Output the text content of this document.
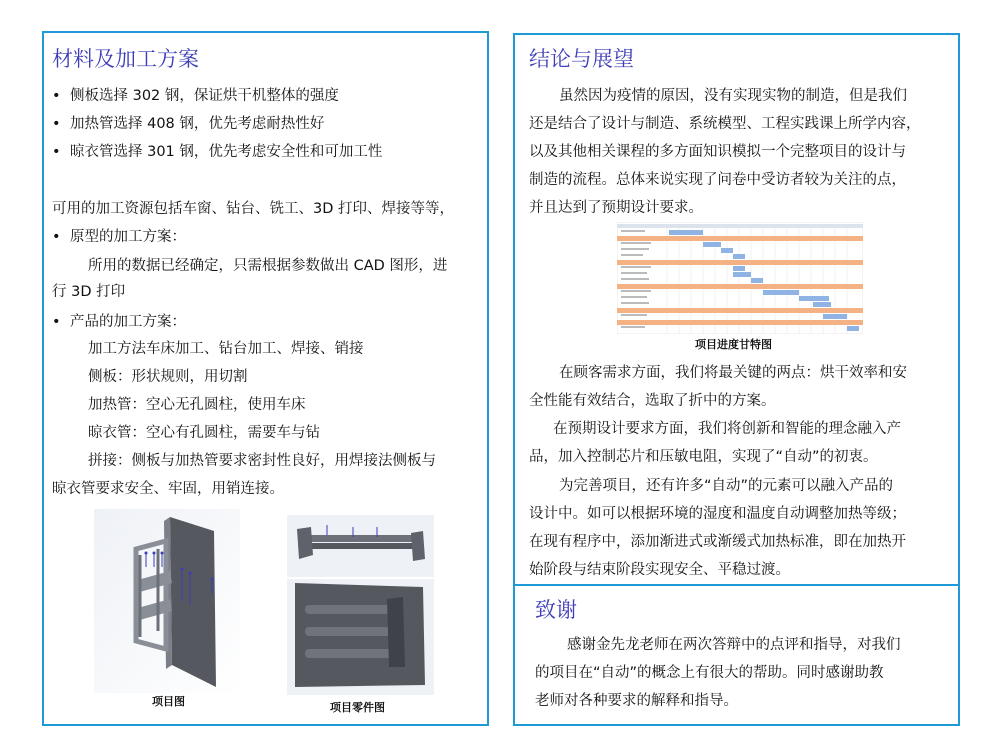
材料及加工方案
• 侧板选择 302 钢，保证烘干机整体的强度
• 加热管选择 408 钢，优先考虑耐热性好
• 晾衣管选择 301 钢，优先考虑安全性和可加工性
可用的加工资源包括车窗、钻台、铣工、3D 打印、焊接等等，
• 原型的加工方案：
所用的数据已经确定，只需根据参数做出 CAD 图形，进
行 3D 打印
• 产品的加工方案：
加工方法车床加工、钻台加工、焊接、销接
侧板：形状规则，用切割
加热管：空心无孔圆柱，使用车床
晾衣管：空心有孔圆柱，需要车与钻
拼接：侧板与加热管要求密封性良好，用焊接法侧板与
晾衣管要求安全、牢固，用销连接。
项目图	项目零件图
结论与展望
虽然因为疫情的原因，没有实现实物的制造，但是我们
还是结合了设计与制造、系统模型、工程实践课上所学内容，
以及其他相关课程的多方面知识模拟一个完整项目的设计与
制造的流程。总体来说实现了问卷中受访者较为关注的点，
并且达到了预期设计要求。
项目进度甘特图
在顾客需求方面，我们将最关键的两点：烘干效率和安
全性能有效结合，选取了折中的方案。
在预期设计要求方面，我们将创新和智能的理念融入产
品，加入控制芯片和压敏电阻，实现了“自动”的初衷。
为完善项目，还有许多“自动”的元素可以融入产品的
设计中。如可以根据环境的湿度和温度自动调整加热等级；
在现有程序中，添加渐进式或渐缓式加热标准，即在加热开
始阶段与结束阶段实现安全、平稳过渡。
致谢
感谢金先龙老师在两次答辩中的点评和指导，对我们
的项目在“自动”的概念上有很大的帮助。同时感谢助教
老师对各种要求的解释和指导。
